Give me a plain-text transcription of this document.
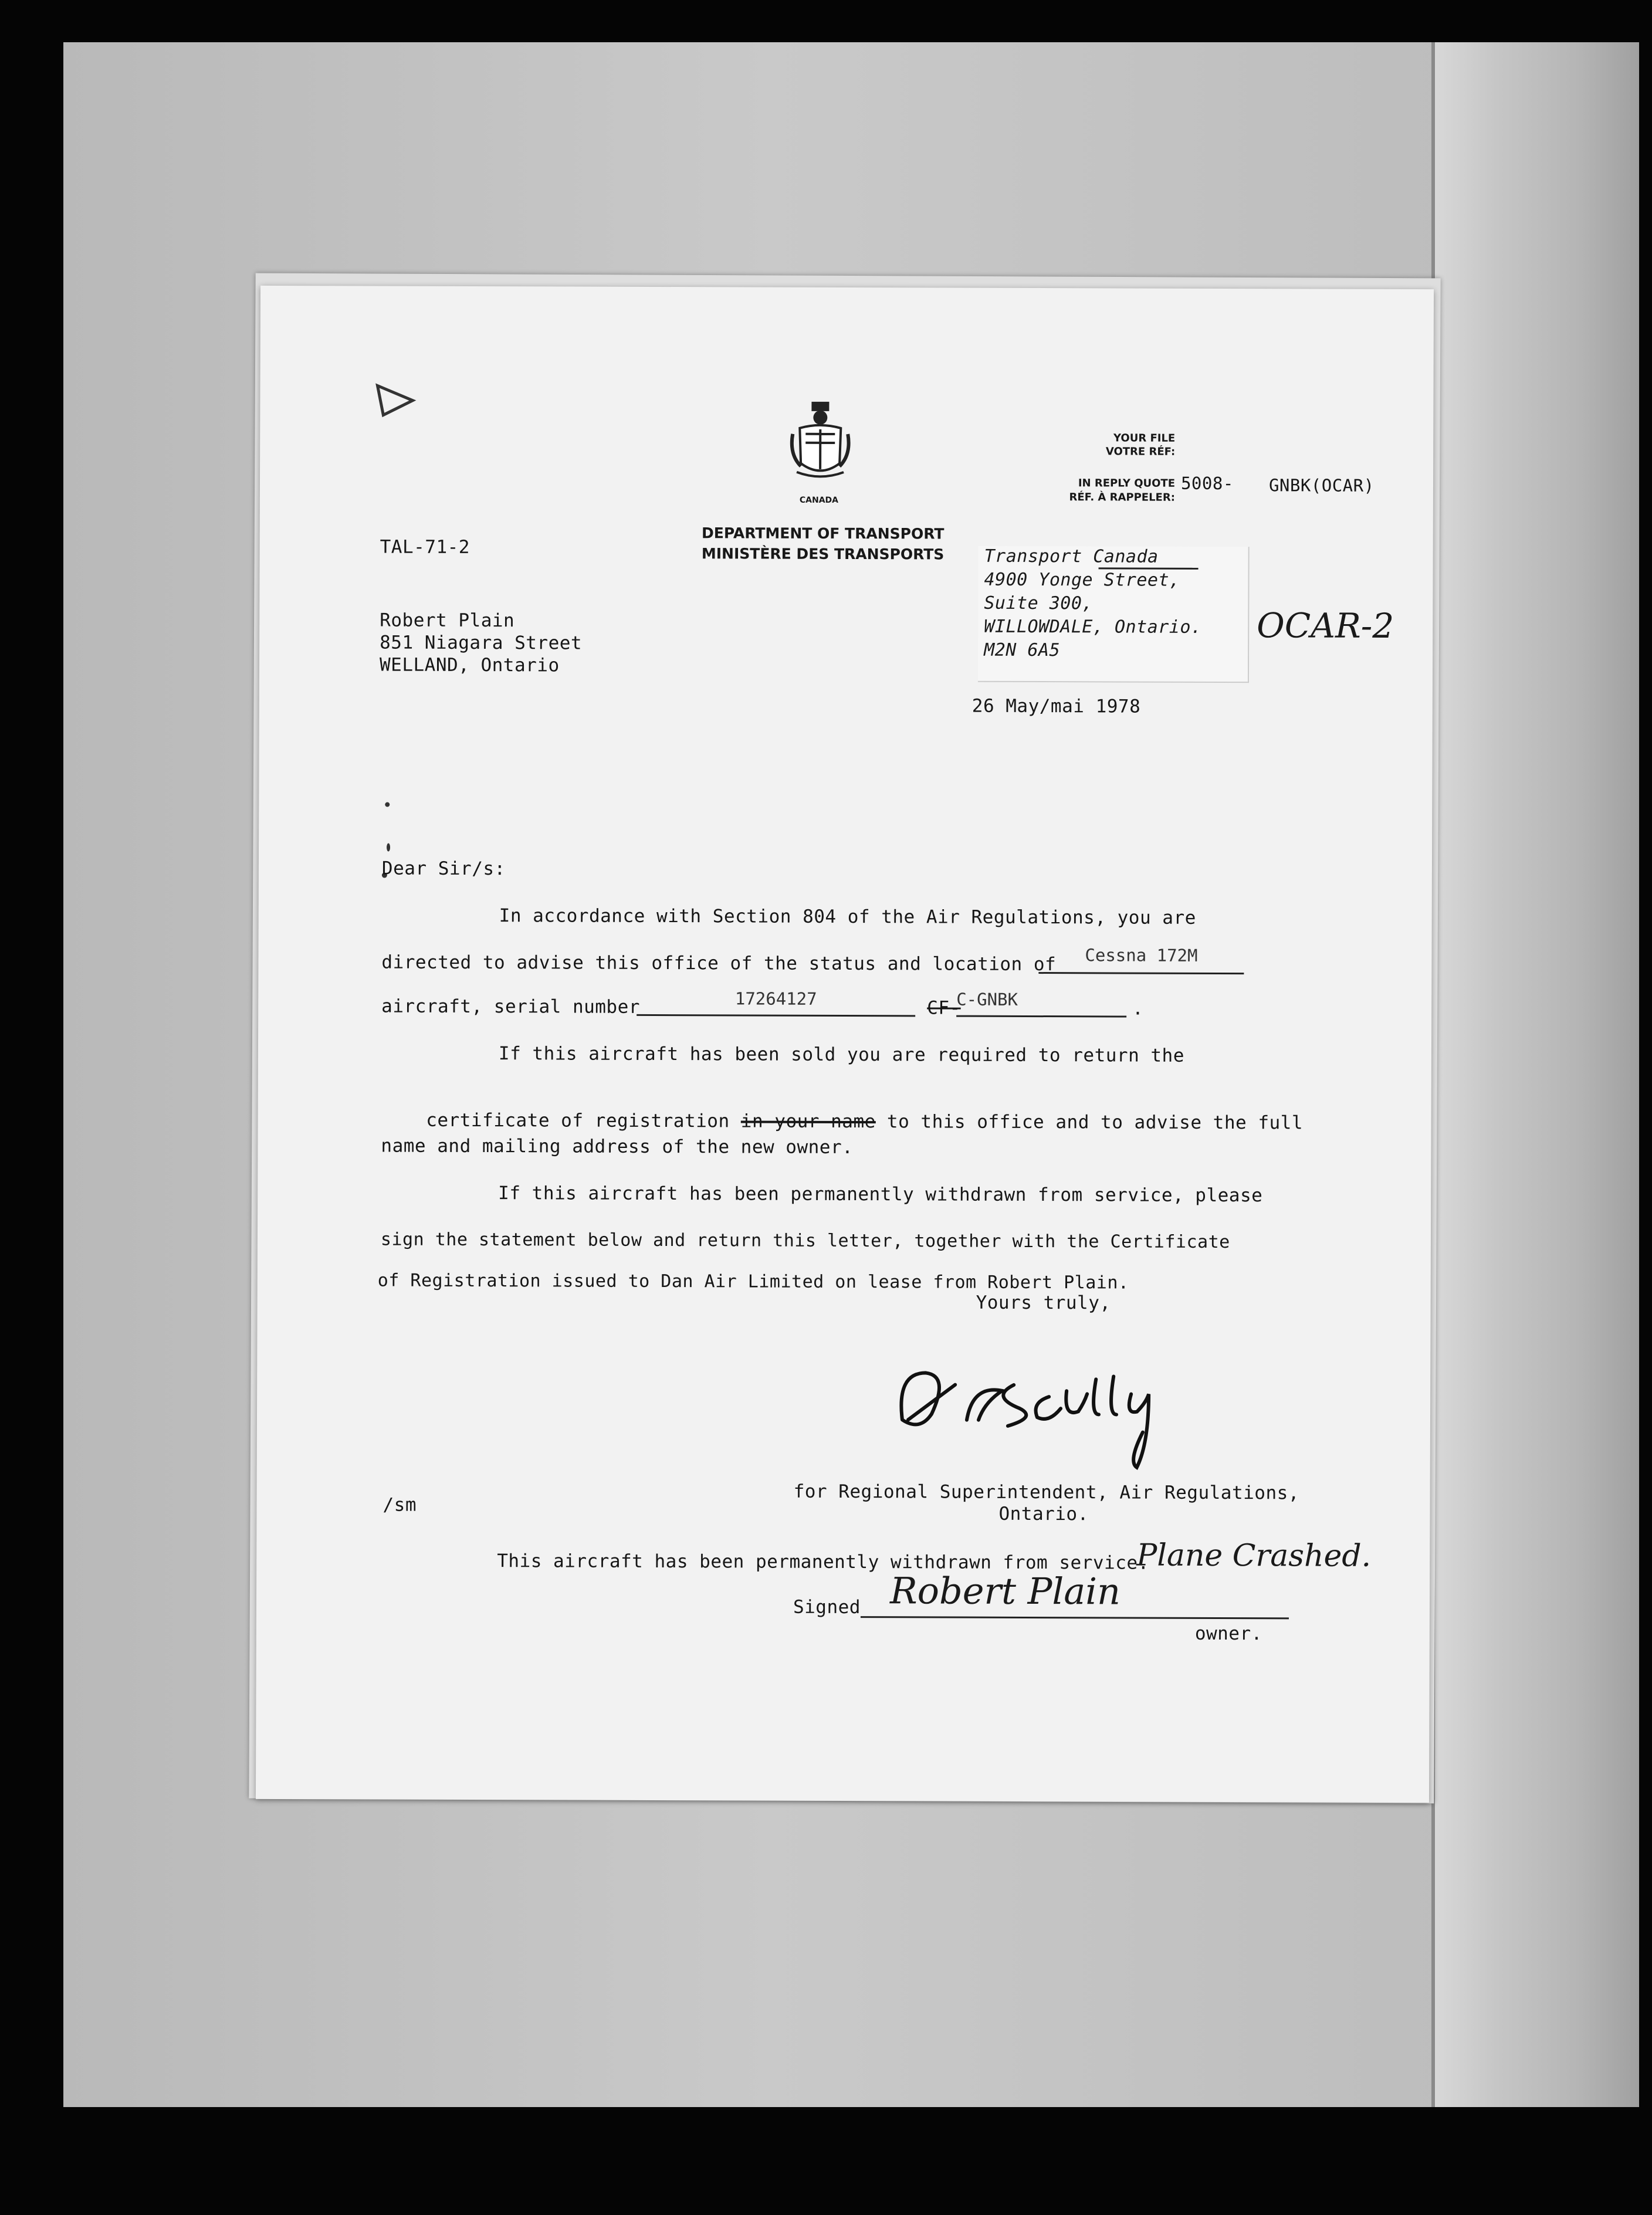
CANADA
DEPARTMENT OF TRANSPORT
MINISTÈRE DES TRANSPORTS
YOUR FILE
VOTRE RÉF:
IN REPLY QUOTE
RÉF. À RAPPELER:
5008- GNBK(OCAR)
TAL-71-2
Robert Plain
851 Niagara Street
WELLAND, Ontario
Transport Canada
4900 Yonge Street,
Suite 300,
WILLOWDALE, Ontario.
M2N 6A5
OCAR-2
26 May/mai 1978
Dear Sir/s:
In accordance with Section 804 of the Air Regulations, you are
directed to advise this office of the status and location of	Cessna 172M
aircraft, serial number	17264127	CF-
C-GNBK	.
If this aircraft has been sold you are required to return the

certificate of registration in your name to this office and to advise the full

name and mailing address of the new owner.
If this aircraft has been permanently withdrawn from service, please
sign the statement below and return this letter, together with the Certificate
of Registration issued to Dan Air Limited on lease from Robert Plain.
Yours truly,
/sm
for Regional Superintendent, Air Regulations,
Ontario.
This aircraft has been permanently withdrawn from service.
Plane Crashed.
Signed Robert Plain
owner.
